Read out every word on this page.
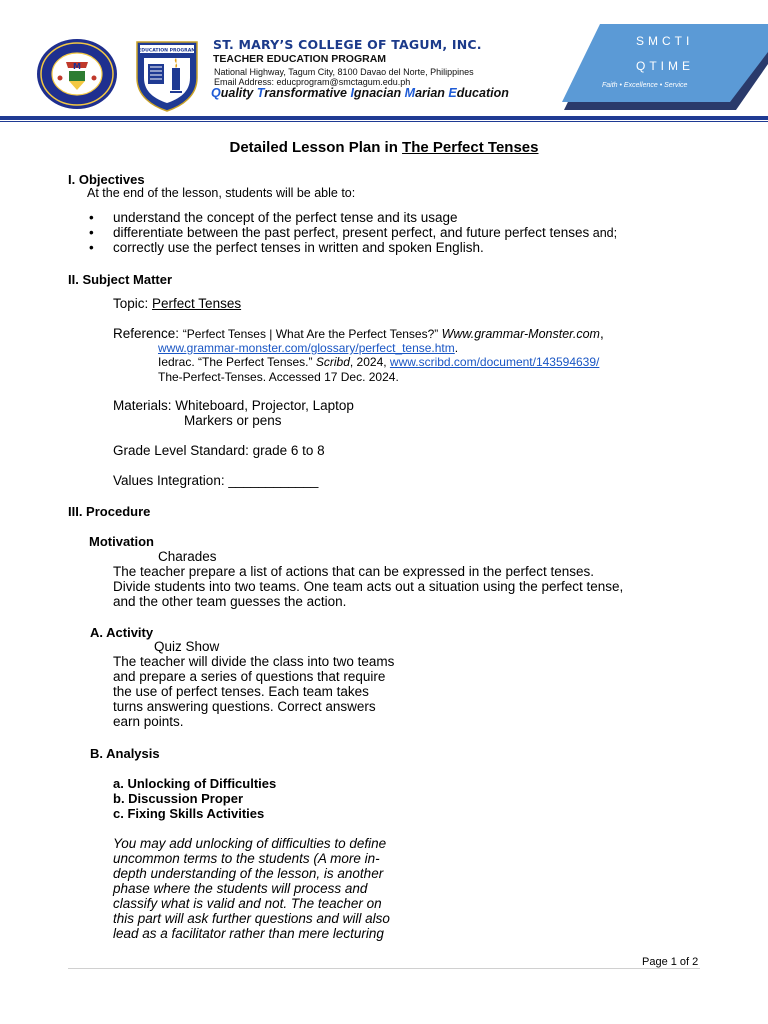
M
EDUCATION PROGRAM ST. MARY’S COLLEGE OF TAGUM, INC.
TEACHER EDUCATION PROGRAM
National Highway, Tagum City, 8100 Davao del Norte, Philippines
Email Address: educprogram@smctagum.edu.ph
Quality Transformative Ignacian Marian Education
SMCTI
QTIME
Faith • Excellence • Service
Detailed Lesson Plan in The Perfect Tenses
I. Objectives
At the end of the lesson, students will be able to:
• understand the concept of the perfect tense and its usage
• differentiate between the past perfect, present perfect, and future perfect tenses and;
• correctly use the perfect tenses in written and spoken English.
II. Subject Matter
Topic: Perfect Tenses
Reference: “Perfect Tenses | What Are the Perfect Tenses?” Www.grammar-Monster.com,
www.grammar-monster.com/glossary/perfect_tense.htm.
Iedrac. “The Perfect Tenses.” Scribd, 2024, www.scribd.com/document/143594639/
The-Perfect-Tenses. Accessed 17 Dec. 2024.
Materials: Whiteboard, Projector, Laptop
Markers or pens
Grade Level Standard: grade 6 to 8
Values Integration: ____________
III. Procedure
Motivation
Charades
The teacher prepare a list of actions that can be expressed in the perfect tenses.
Divide students into two teams. One team acts out a situation using the perfect tense,
and the other team guesses the action.
A. Activity
Quiz Show
The teacher will divide the class into two teams
and prepare a series of questions that require
the use of perfect tenses. Each team takes
turns answering questions. Correct answers
earn points.
B. Analysis
a. Unlocking of Difficulties
b. Discussion Proper
c. Fixing Skills Activities
You may add unlocking of difficulties to define
uncommon terms to the students (A more in-
depth understanding of the lesson, is another
phase where the students will process and
classify what is valid and not. The teacher on
this part will ask further questions and will also
lead as a facilitator rather than mere lecturing
Page 1 of 2
